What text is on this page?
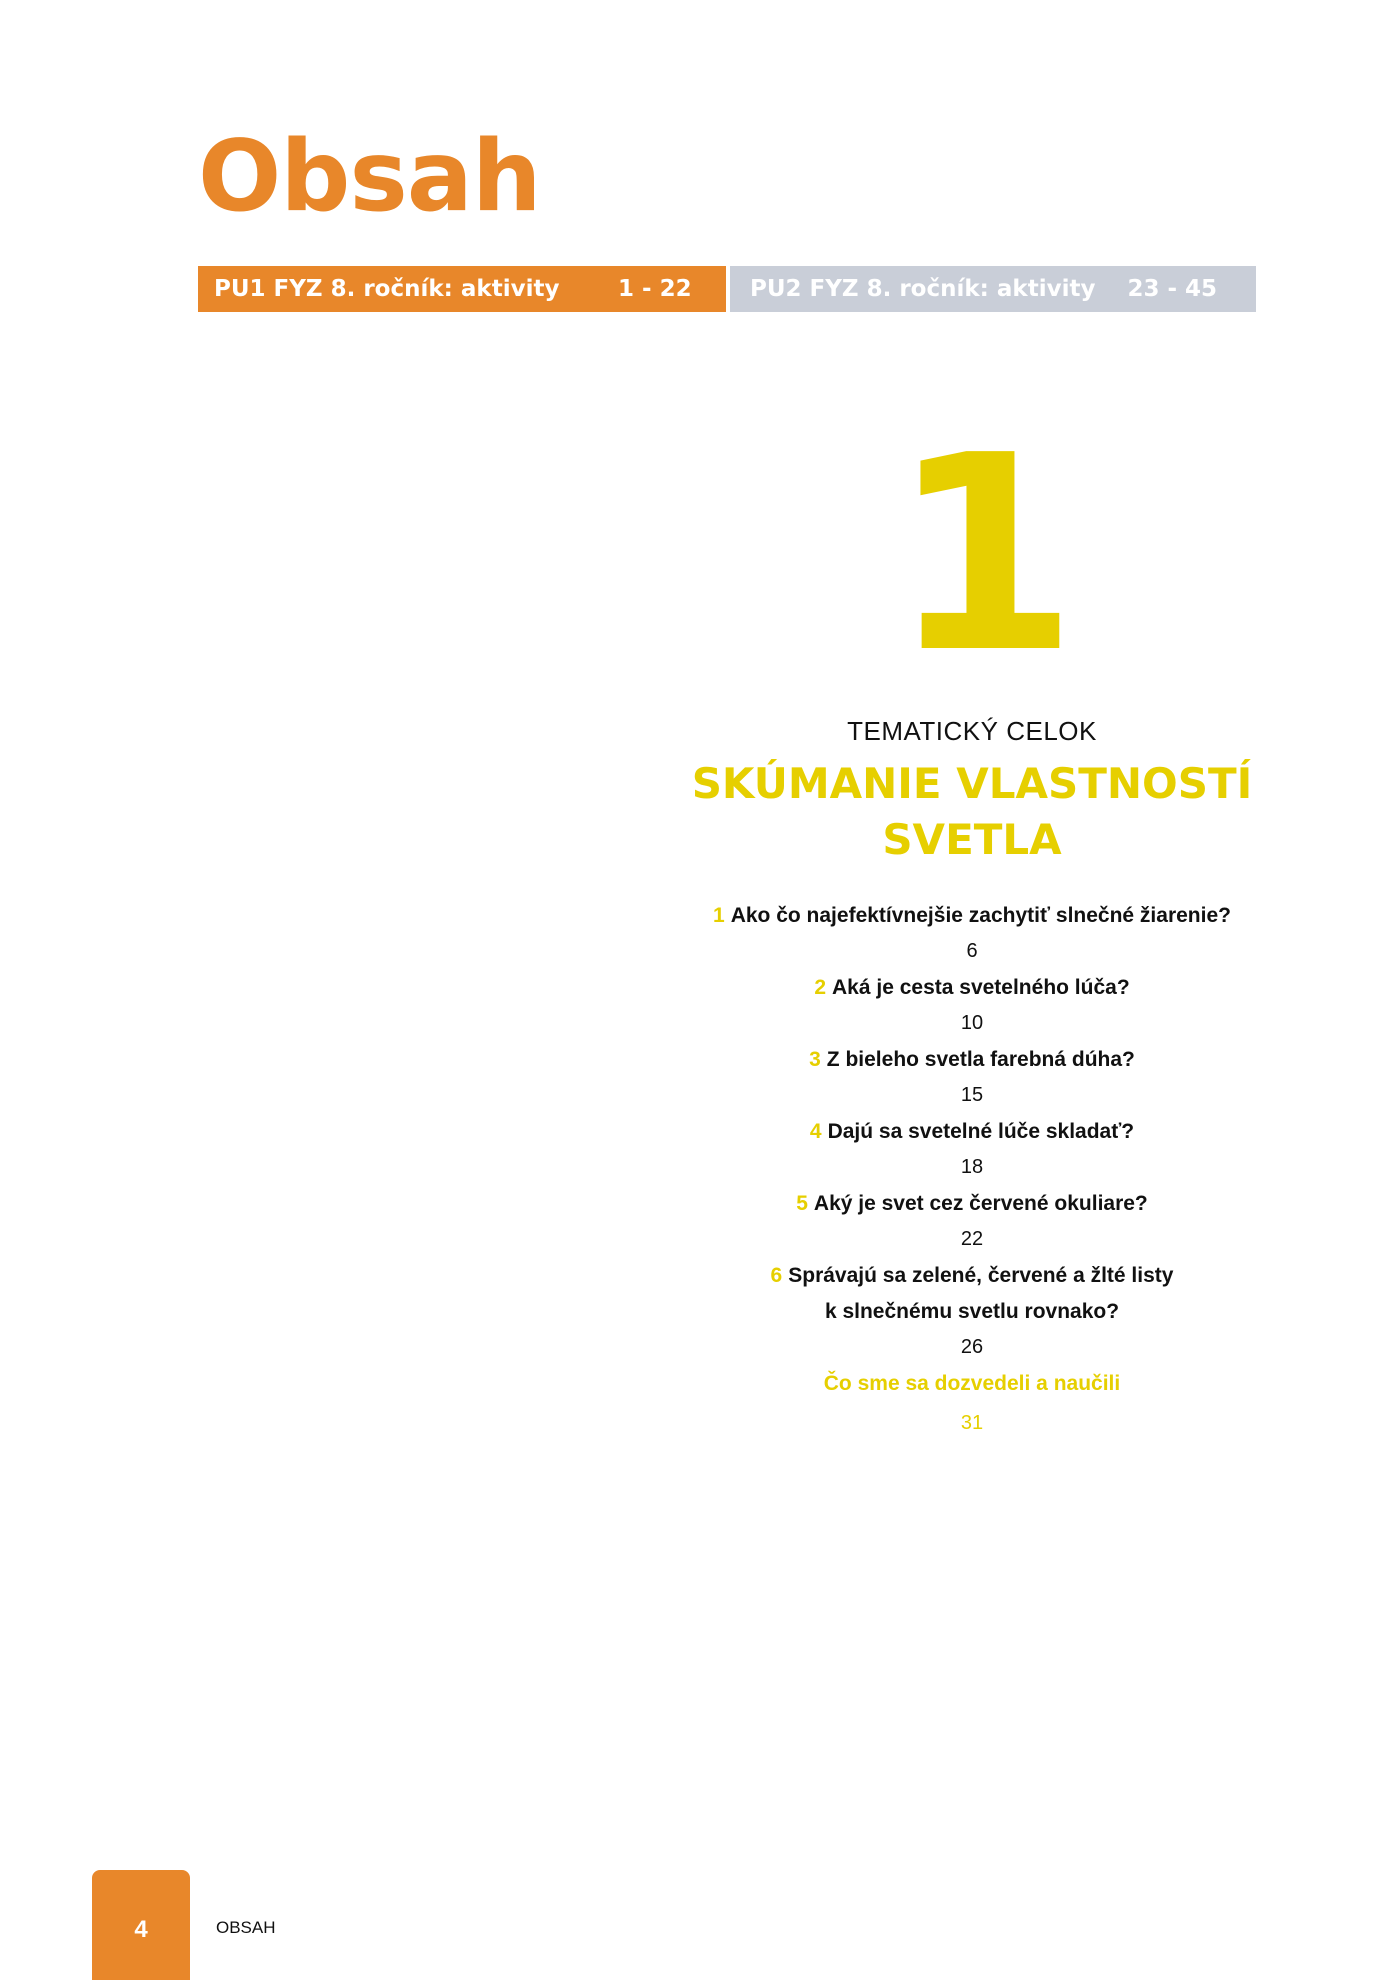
Obsah
PU1 FYZ 8. ročník: aktivity	1 - 22	PU2 FYZ 8. ročník: aktivity 23 - 45
1
TEMATICKÝ CELOK
SKÚMANIE VLASTNOSTÍ
SVETLA
1 Ako čo najefektívnejšie zachytiť slnečné žiarenie?
6
2 Aká je cesta svetelného lúča?
10
3 Z bieleho svetla farebná dúha?
15
4 Dajú sa svetelné lúče skladať?
18
5 Aký je svet cez červené okuliare?
22
6 Správajú sa zelené, červené a žlté listy
k slnečnému svetlu rovnako?
26
Čo sme sa dozvedeli a naučili
31
4	OBSAH
